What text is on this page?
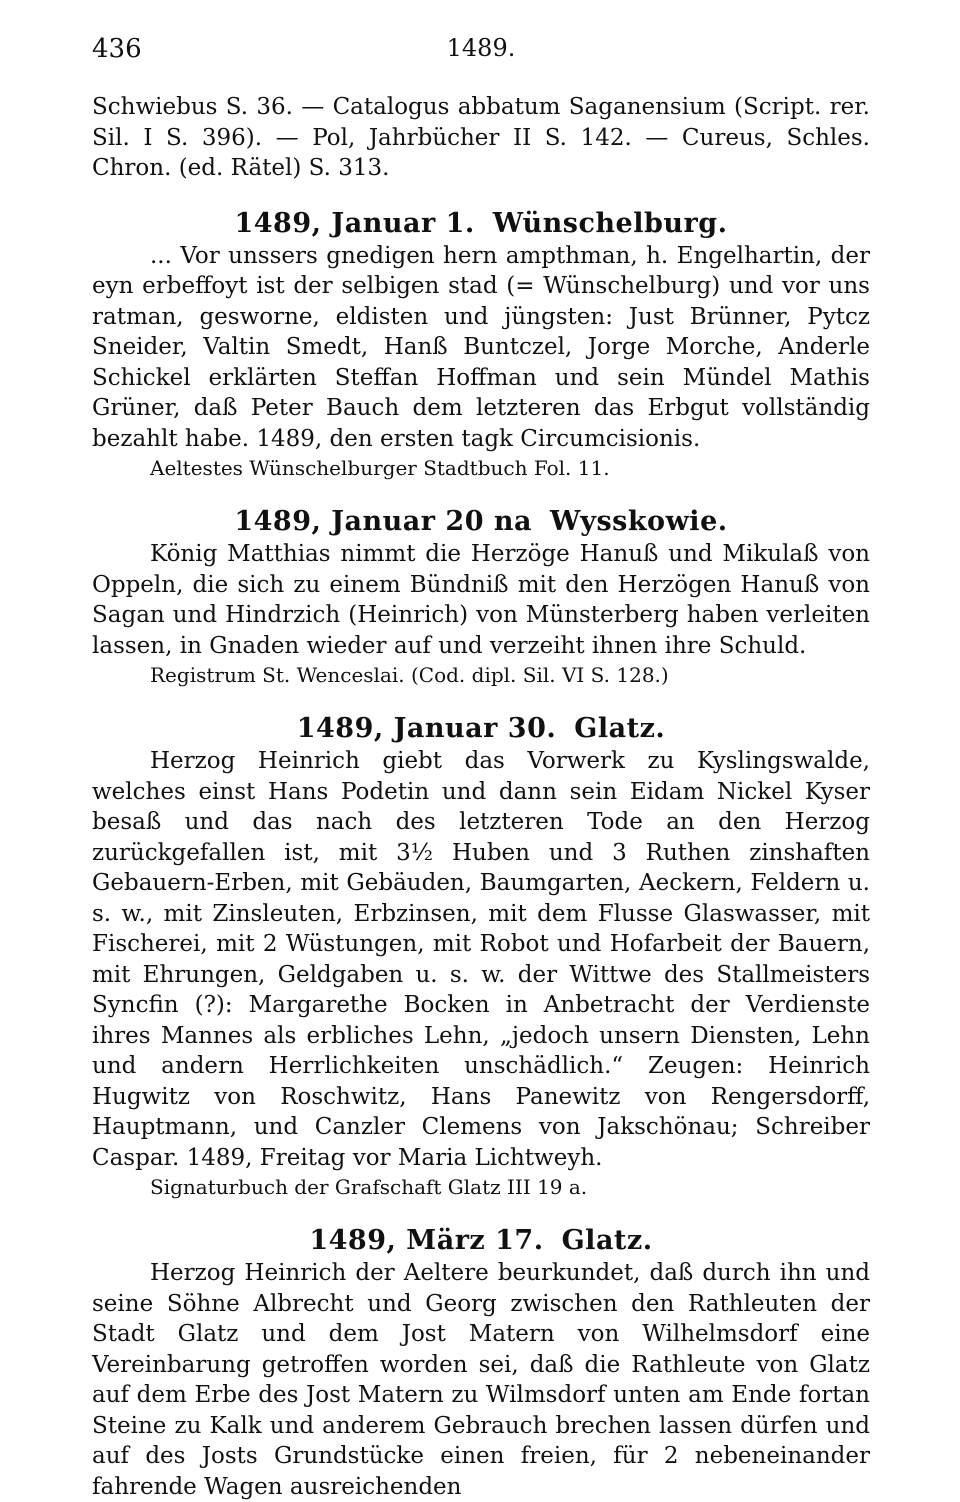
436	1489.

Schwiebus S. 36. — Catalogus abbatum Saganensium (Script. rer. Sil. I S. 396). — Pol, Jahrbücher II S. 142. — Cureus, Schles. Chron. (ed. Rätel) S. 313.

1489, Januar 1. Wünschelburg.

... Vor unssers gnedigen hern ampthman, h. Engelhartin, der eyn erbeffoyt ist der selbigen stad (= Wünschelburg) und vor uns ratman, gesworne, eldisten und jüngsten: Just Brünner, Pytcz Sneider, Valtin Smedt, Hanß Buntczel, Jorge Morche, Anderle Schickel erklärten Steffan Hoffman und sein Mündel Mathis Grüner, daß Peter Bauch dem letzteren das Erbgut vollständig bezahlt habe. 1489, den ersten tagk Circumcisionis.

Aeltestes Wünschelburger Stadtbuch Fol. 11.

1489, Januar 20 na Wysskowie.

König Matthias nimmt die Herzöge Hanuß und Mikulaß von Oppeln, die sich zu einem Bündniß mit den Herzögen Hanuß von Sagan und Hindrzich (Heinrich) von Münsterberg haben verleiten lassen, in Gnaden wieder auf und verzeiht ihnen ihre Schuld.

Registrum St. Wenceslai. (Cod. dipl. Sil. VI S. 128.)

1489, Januar 30. Glatz.

Herzog Heinrich giebt das Vorwerk zu Kyslingswalde, welches einst Hans Podetin und dann sein Eidam Nickel Kyser besaß und das nach des letzteren Tode an den Herzog zurückgefallen ist, mit 3½ Huben und 3 Ruthen zinshaften Gebauern-Erben, mit Gebäuden, Baumgarten, Aeckern, Feldern u. s. w., mit Zinsleuten, Erbzinsen, mit dem Flusse Glaswasser, mit Fischerei, mit 2 Wüstungen, mit Robot und Hofarbeit der Bauern, mit Ehrungen, Geldgaben u. s. w. der Wittwe des Stallmeisters Syncfin (?): Margarethe Bocken in Anbetracht der Verdienste ihres Mannes als erbliches Lehn, „jedoch unsern Diensten, Lehn und andern Herrlichkeiten unschädlich.“ Zeugen: Heinrich Hugwitz von Roschwitz, Hans Panewitz von Rengersdorff, Hauptmann, und Canzler Clemens von Jakschönau; Schreiber Caspar. 1489, Freitag vor Maria Lichtweyh.

Signaturbuch der Grafschaft Glatz III 19 a.

1489, März 17. Glatz.

Herzog Heinrich der Aeltere beurkundet, daß durch ihn und seine Söhne Albrecht und Georg zwischen den Rathleuten der Stadt Glatz und dem Jost Matern von Wilhelmsdorf eine Vereinbarung getroffen worden sei, daß die Rathleute von Glatz auf dem Erbe des Jost Matern zu Wilmsdorf unten am Ende fortan Steine zu Kalk und anderem Gebrauch brechen lassen dürfen und auf des Josts Grundstücke einen freien, für 2 nebeneinander fahrende Wagen ausreichenden
